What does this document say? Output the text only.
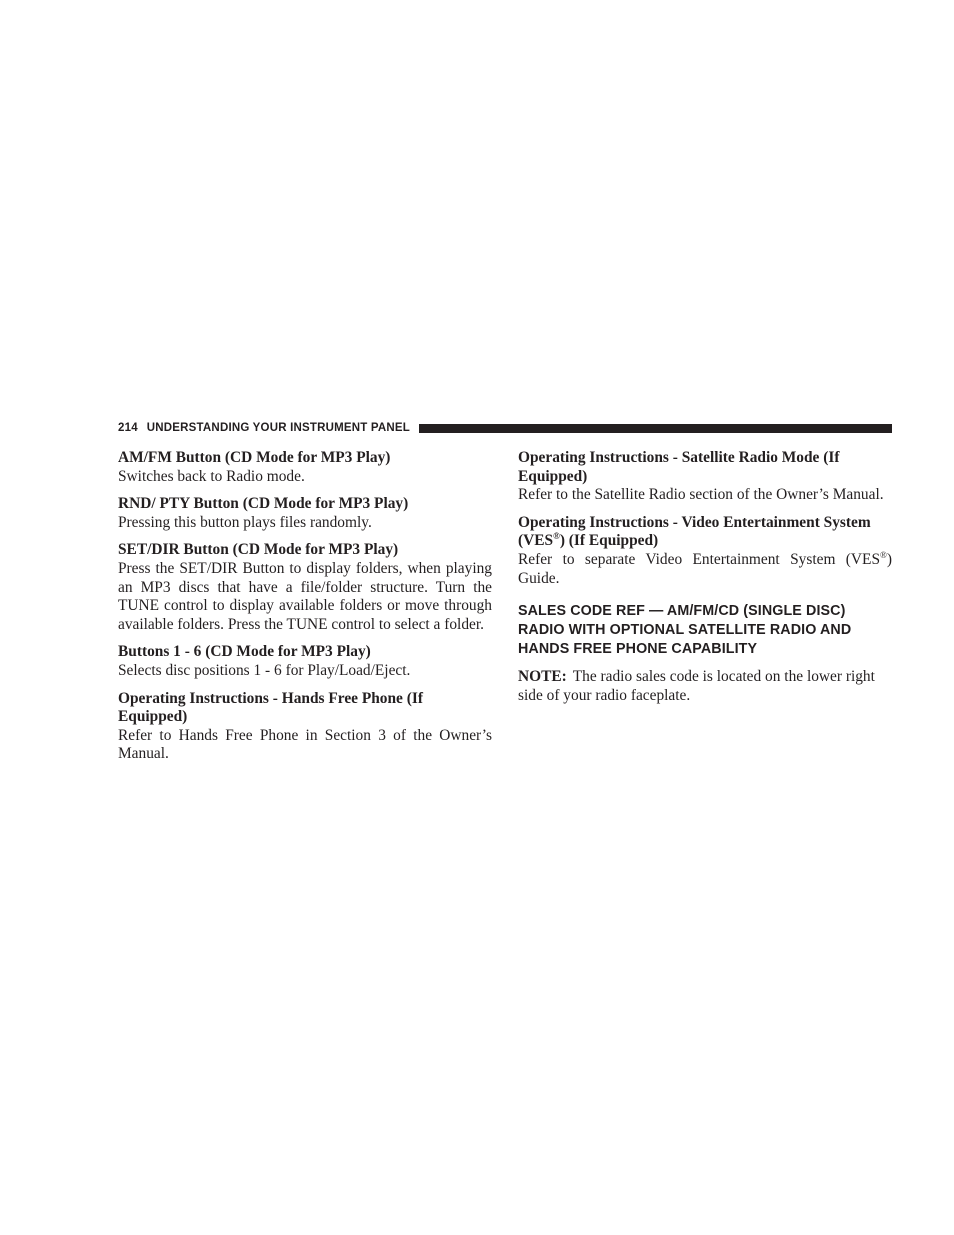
214 UNDERSTANDING YOUR INSTRUMENT PANEL
AM/FM Button (CD Mode for MP3 Play)
Switches back to Radio mode.
RND/ PTY Button (CD Mode for MP3 Play)
Pressing this button plays files randomly.
SET/DIR Button (CD Mode for MP3 Play)
Press the SET/DIR Button to display folders, when playing an MP3 discs that have a file/folder structure. Turn the TUNE control to display available folders or move through available folders. Press the TUNE control to select a folder.
Buttons 1 - 6 (CD Mode for MP3 Play)
Selects disc positions 1 - 6 for Play/Load/Eject.
Operating Instructions - Hands Free Phone (If Equipped)
Refer to Hands Free Phone in Section 3 of the Owner’s Manual.
Operating Instructions - Satellite Radio Mode (If Equipped)
Refer to the Satellite Radio section of the Owner’s Manual.
Operating Instructions - Video Entertainment System (VES®) (If Equipped)
Refer to separate Video Entertainment System (VES®) Guide.
SALES CODE REF — AM/FM/CD (SINGLE DISC) RADIO WITH OPTIONAL SATELLITE RADIO AND HANDS FREE PHONE CAPABILITY
NOTE: The radio sales code is located on the lower right side of your radio faceplate.
